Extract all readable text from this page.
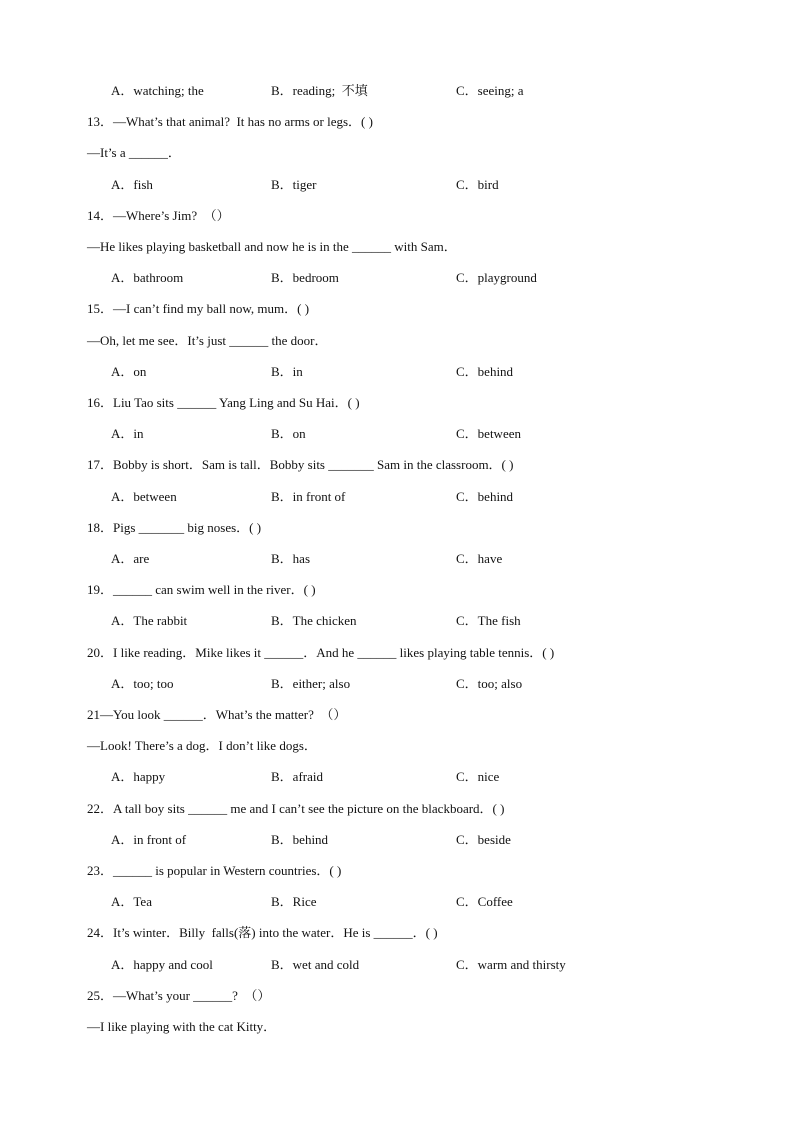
A．watching; the	B．reading;  不填	C．seeing; a
13．—What’s that animal?  It has no arms or legs．( )
—It’s a ______．
A．fish	B．tiger	C．bird
14．—Where’s Jim?  （）
—He likes playing basketball and now he is in the ______ with Sam．
A．bathroom	B．bedroom	C．playground
15．—I can’t find my ball now, mum．( )
—Oh, let me see．It’s just ______ the door．
A．on	B．in	C．behind
16．Liu Tao sits ______ Yang Ling and Su Hai．( )
A．in	B．on	C．between
17．Bobby is short．Sam is tall．Bobby sits _______ Sam in the classroom．( )
A．between	B．in front of	C．behind
18．Pigs _______ big noses．( )
A．are	B．has	C．have
19．______ can swim well in the river．( )
A．The rabbit	B．The chicken	C．The fish
20．I like reading．Mike likes it ______．And he ______ likes playing table tennis．( )
A．too; too	B．either; also	C．too; also
21—You look ______．What’s the matter?  （）
—Look! There’s a dog．I don’t like dogs．
A．happy	B．afraid	C．nice
22．A tall boy sits ______ me and I can’t see the picture on the blackboard．( )
A．in front of	B．behind	C．beside
23．______ is popular in Western countries．( )
A．Tea	B．Rice	C．Coffee
24．It’s winter．Billy  falls(落) into the water．He is ______．( )
A．happy and cool	B．wet and cold	C．warm and thirsty
25．—What’s your ______?  （）
—I like playing with the cat Kitty．
